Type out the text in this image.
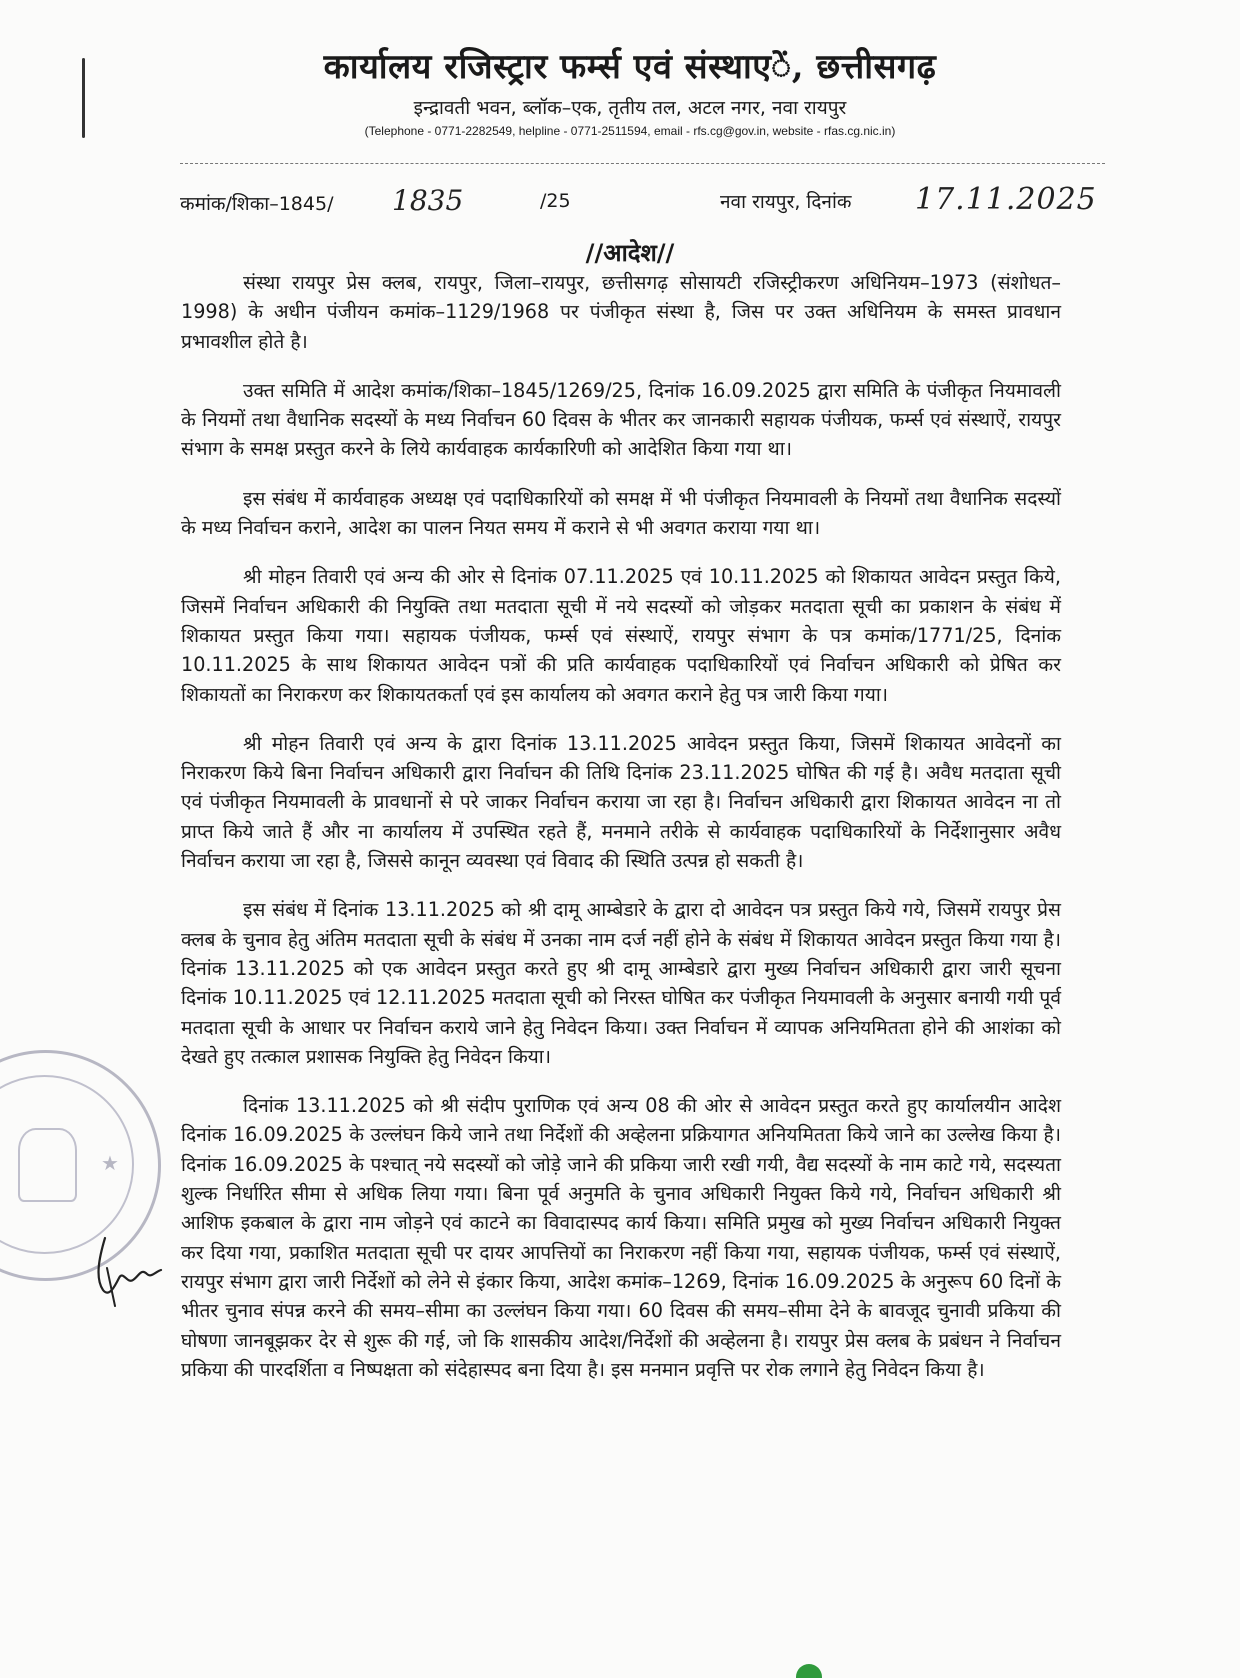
कार्यालय रजिस्ट्रार फर्म्स एवं संस्थाएें, छत्तीसगढ़
इन्द्रावती भवन, ब्लॉक–एक, तृतीय तल, अटल नगर, नवा रायपुर
(Telephone - 0771-2282549, helpline - 0771-2511594, email - rfs.cg@gov.in, website - rfas.cg.nic.in)
कमांक/शिका–1845/ 1835	/25	नवा रायपुर, दिनांक 17.11.2025
//आदेश//

संस्था रायपुर प्रेस क्लब, रायपुर, जिला–रायपुर, छत्तीसगढ़ सोसायटी रजिस्ट्रीकरण अधिनियम–1973 (संशोधत–1998) के अधीन पंजीयन कमांक–1129/1968 पर पंजीकृत संस्था है, जिस पर उक्त अधिनियम के समस्त प्रावधान प्रभावशील होते है।

उक्त समिति में आदेश कमांक/शिका–1845/1269/25, दिनांक 16.09.2025 द्वारा समिति के पंजीकृत नियमावली के नियमों तथा वैधानिक सदस्यों के मध्य निर्वाचन 60 दिवस के भीतर कर जानकारी सहायक पंजीयक, फर्म्स एवं संस्थाऐं, रायपुर संभाग के समक्ष प्रस्तुत करने के लिये कार्यवाहक कार्यकारिणी को आदेशित किया गया था।

इस संबंध में कार्यवाहक अध्यक्ष एवं पदाधिकारियों को समक्ष में भी पंजीकृत नियमावली के नियमों तथा वैधानिक सदस्यों के मध्य निर्वाचन कराने, आदेश का पालन नियत समय में कराने से भी अवगत कराया गया था।

श्री मोहन तिवारी एवं अन्य की ओर से दिनांक 07.11.2025 एवं 10.11.2025 को शिकायत आवेदन प्रस्तुत किये, जिसमें निर्वाचन अधिकारी की नियुक्ति तथा मतदाता सूची में नये सदस्यों को जोड़कर मतदाता सूची का प्रकाशन के संबंध में शिकायत प्रस्तुत किया गया। सहायक पंजीयक, फर्म्स एवं संस्थाऐं, रायपुर संभाग के पत्र कमांक/1771/25, दिनांक 10.11.2025 के साथ शिकायत आवेदन पत्रों की प्रति कार्यवाहक पदाधिकारियों एवं निर्वाचन अधिकारी को प्रेषित कर शिकायतों का निराकरण कर शिकायतकर्ता एवं इस कार्यालय को अवगत कराने हेतु पत्र जारी किया गया।

श्री मोहन तिवारी एवं अन्य के द्वारा दिनांक 13.11.2025 आवेदन प्रस्तुत किया, जिसमें शिकायत आवेदनों का निराकरण किये बिना निर्वाचन अधिकारी द्वारा निर्वाचन की तिथि दिनांक 23.11.2025 घोषित की गई है। अवैध मतदाता सूची एवं पंजीकृत नियमावली के प्रावधानों से परे जाकर निर्वाचन कराया जा रहा है। निर्वाचन अधिकारी द्वारा शिकायत आवेदन ना तो प्राप्त किये जाते हैं और ना कार्यालय में उपस्थित रहते हैं, मनमाने तरीके से कार्यवाहक पदाधिकारियों के निर्देशानुसार अवैध निर्वाचन कराया जा रहा है, जिससे कानून व्यवस्था एवं विवाद की स्थिति उत्पन्न हो सकती है।

इस संबंध में दिनांक 13.11.2025 को श्री दामू आम्बेडारे के द्वारा दो आवेदन पत्र प्रस्तुत किये गये, जिसमें रायपुर प्रेस क्लब के चुनाव हेतु अंतिम मतदाता सूची के संबंध में उनका नाम दर्ज नहीं होने के संबंध में शिकायत आवेदन प्रस्तुत किया गया है। दिनांक 13.11.2025 को एक आवेदन प्रस्तुत करते हुए श्री दामू आम्बेडारे द्वारा मुख्य निर्वाचन अधिकारी द्वारा जारी सूचना दिनांक 10.11.2025 एवं 12.11.2025 मतदाता सूची को निरस्त घोषित कर पंजीकृत नियमावली के अनुसार बनायी गयी पूर्व मतदाता सूची के आधार पर निर्वाचन कराये जाने हेतु निवेदन किया। उक्त निर्वाचन में व्यापक अनियमितता होने की आशंका को देखते हुए तत्काल प्रशासक नियुक्ति हेतु निवेदन किया।

दिनांक 13.11.2025 को श्री संदीप पुराणिक एवं अन्य 08 की ओर से आवेदन प्रस्तुत करते हुए कार्यालयीन आदेश दिनांक 16.09.2025 के उल्लंघन किये जाने तथा निर्देशों की अव्हेलना प्रक्रियागत अनियमितता किये जाने का उल्लेख किया है। दिनांक 16.09.2025 के पश्चात् नये सदस्यों को जोड़े जाने की प्रकिया जारी रखी गयी, वैद्य सदस्यों के नाम काटे गये, सदस्यता शुल्क निर्धारित सीमा से अधिक लिया गया। बिना पूर्व अनुमति के चुनाव अधिकारी नियुक्त किये गये, निर्वाचन अधिकारी श्री आशिफ इकबाल के द्वारा नाम जोड़ने एवं काटने का विवादास्पद कार्य किया। समिति प्रमुख को मुख्य निर्वाचन अधिकारी नियुक्त कर दिया गया, प्रकाशित मतदाता सूची पर दायर आपत्तियों का निराकरण नहीं किया गया, सहायक पंजीयक, फर्म्स एवं संस्थाऐं, रायपुर संभाग द्वारा जारी निर्देशों को लेने से इंकार किया, आदेश कमांक–1269, दिनांक 16.09.2025 के अनुरूप 60 दिनों के भीतर चुनाव संपन्न करने की समय–सीमा का उल्लंघन किया गया। 60 दिवस की समय–सीमा देने के बावजूद चुनावी प्रकिया की घोषणा जानबूझकर देर से शुरू की गई, जो कि शासकीय आदेश/निर्देशों की अव्हेलना है। रायपुर प्रेस क्लब के प्रबंधन ने निर्वाचन प्रकिया की पारदर्शिता व निष्पक्षता को संदेहास्पद बना दिया है। इस मनमान प्रवृत्ति पर रोक लगाने हेतु निवेदन किया है।

★
